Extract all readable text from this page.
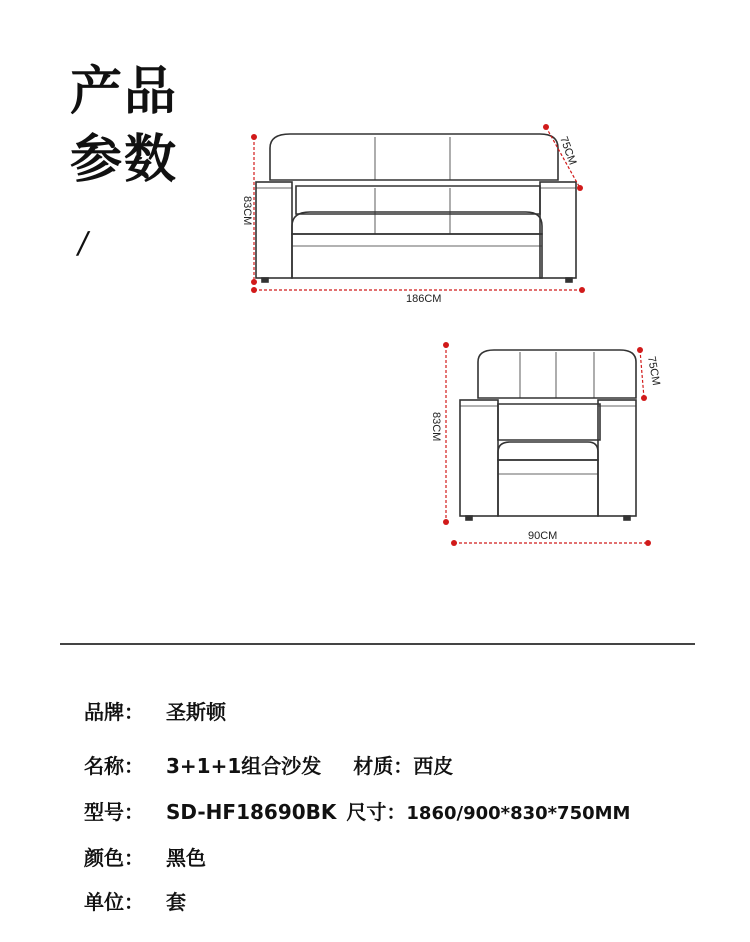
产品
参数
/
186CM
83CM
75CM
90CM
83CM
75CM
品牌： 圣斯顿
名称： 3+1+1组合沙发 材质：西皮
型号： SD-HF18690BK 尺寸：1860/900*830*750MM
颜色： 黑色
单位： 套
